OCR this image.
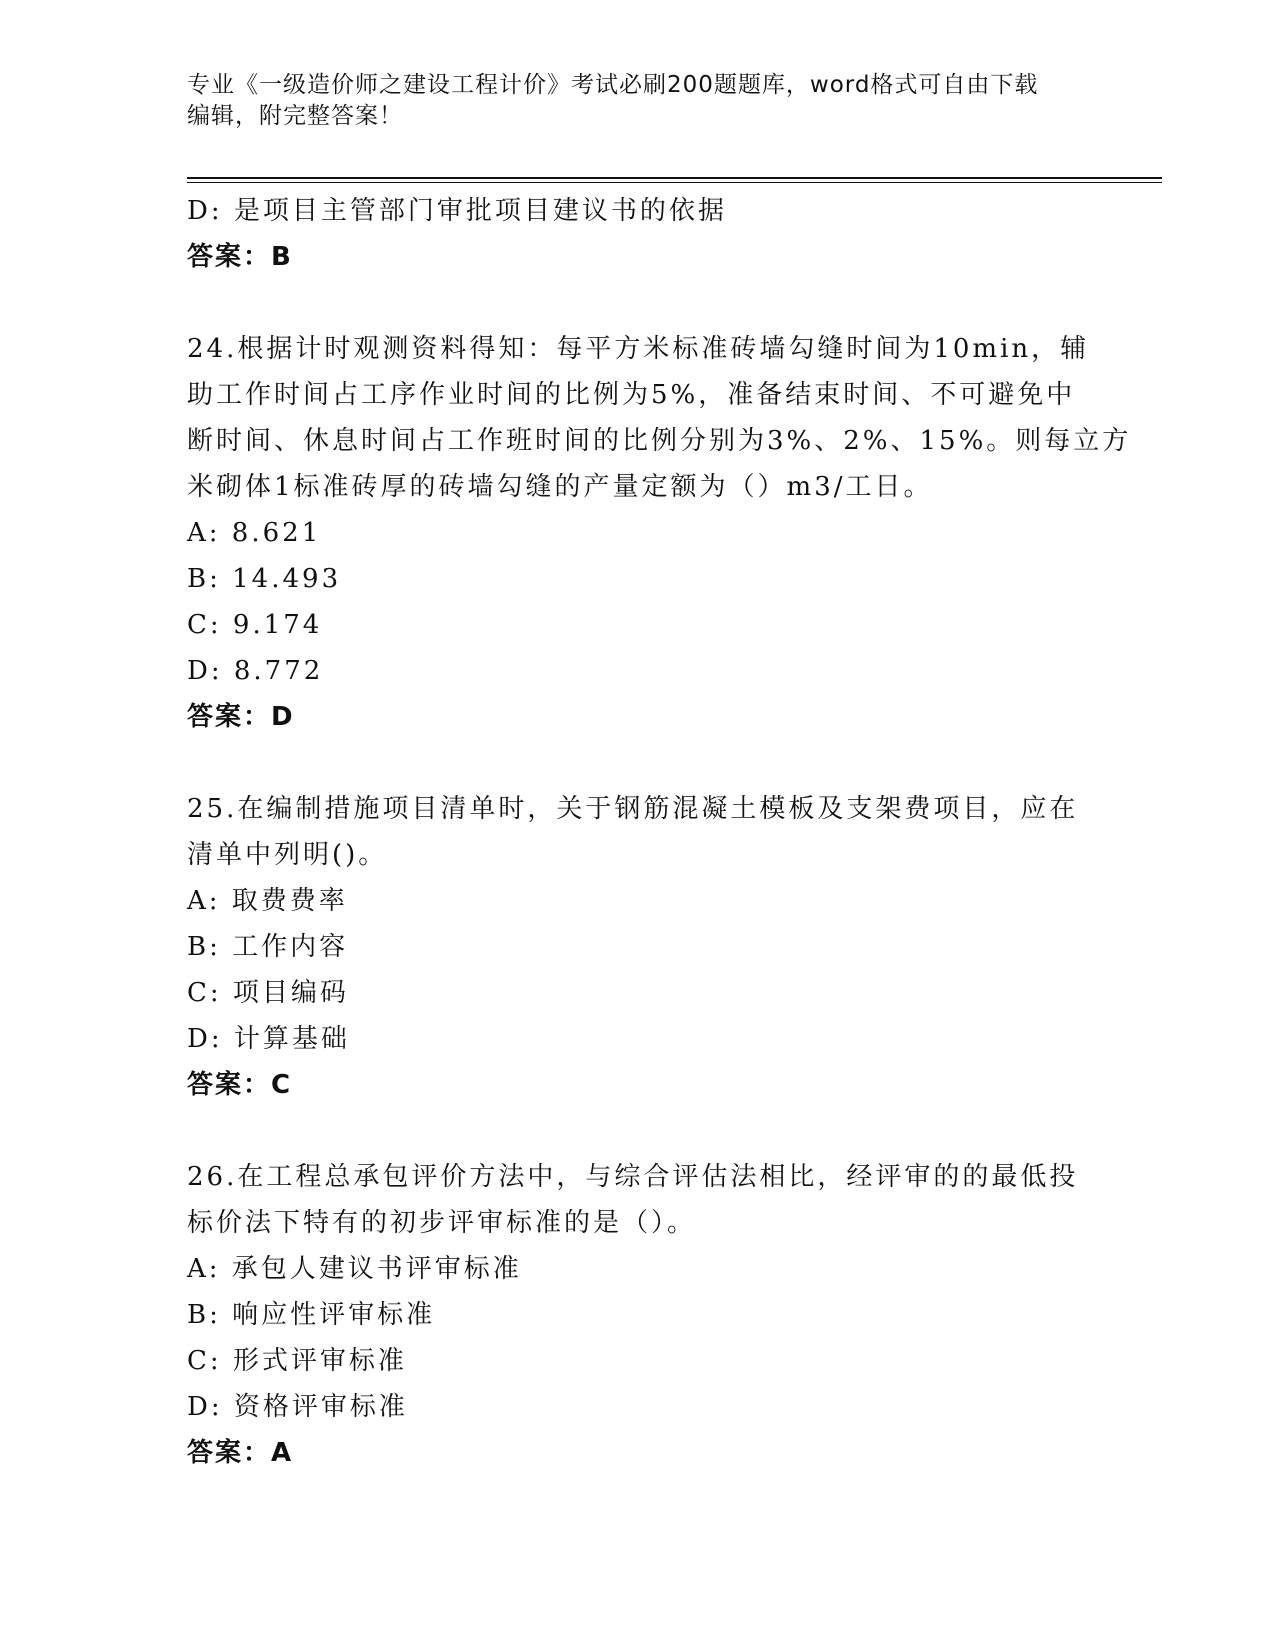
专业《一级造价师之建设工程计价》考试必刷200题题库，word格式可自由下载
编辑，附完整答案！
D: 是项目主管部门审批项目建议书的依据
答案：B
24.根据计时观测资料得知：每平方米标准砖墙勾缝时间为10min，辅
助工作时间占工序作业时间的比例为5%，准备结束时间、不可避免中
断时间、休息时间占工作班时间的比例分别为3%、2%、15%。则每立方
米砌体1标准砖厚的砖墙勾缝的产量定额为（）m3/工日。
A: 8.621
B: 14.493
C: 9.174
D: 8.772
答案：D
25.在编制措施项目清单时，关于钢筋混凝土模板及支架费项目，应在
清单中列明()。
A: 取费费率
B: 工作内容
C: 项目编码
D: 计算基础
答案：C
26.在工程总承包评价方法中，与综合评估法相比，经评审的的最低投
标价法下特有的初步评审标准的是（）。
A: 承包人建议书评审标准
B: 响应性评审标准
C: 形式评审标准
D: 资格评审标准
答案：A
